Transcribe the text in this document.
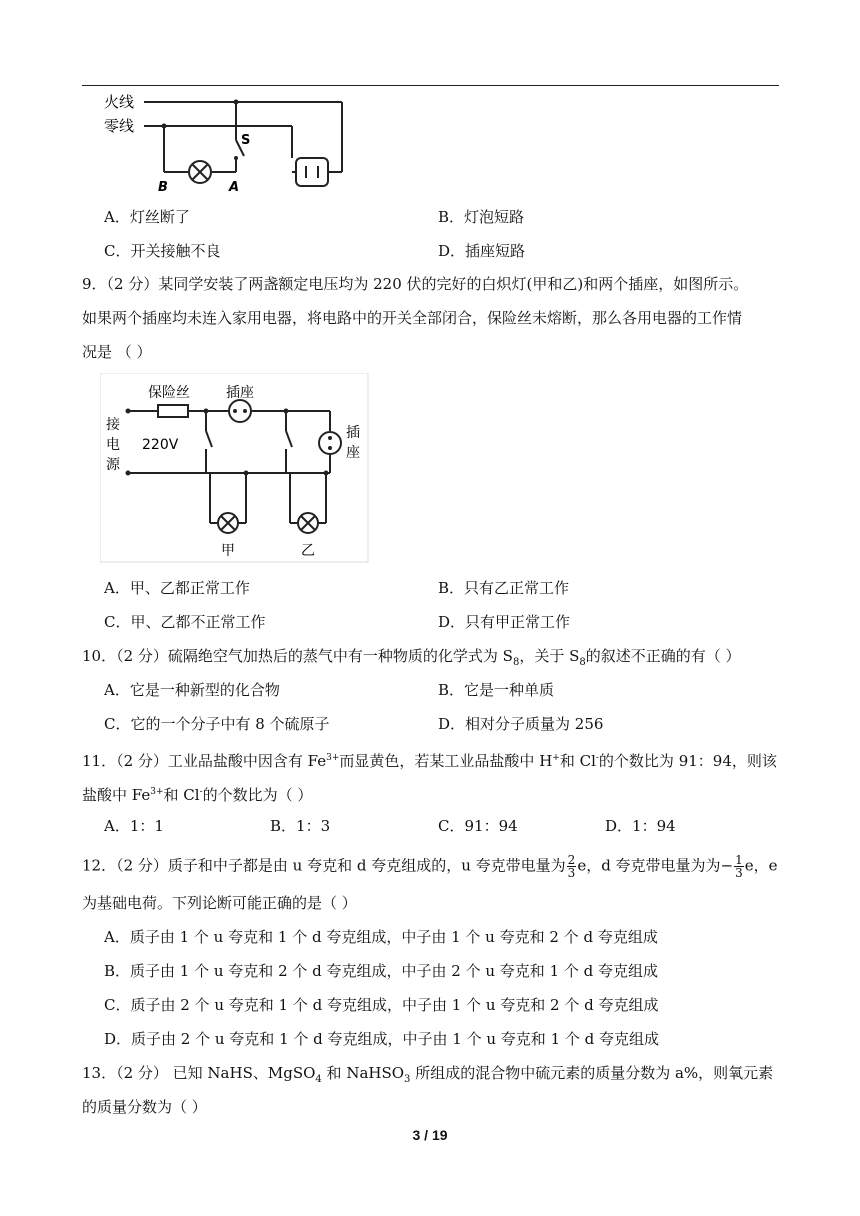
火线
零线
S
B	A
A．灯丝断了	B．灯泡短路
C．开关接触不良	D．插座短路
9．（2 分）某同学安装了两盏额定电压均为 220 伏的完好的白炽灯(甲和乙)和两个插座，如图所示。
如果两个插座均未连入家用电器，将电路中的开关全部闭合，保险丝未熔断，那么各用电器的工作情
况是 （ ）
保险丝	插座
插
座
接
电
源
220V
甲	乙
A．甲、乙都正常工作	B．只有乙正常工作
C．甲、乙都不正常工作	D．只有甲正常工作
10．（2 分）硫隔绝空气加热后的蒸气中有一种物质的化学式为 $S_8$，关于 $S_8$的叙述不正确的有（ ）
A．它是一种新型的化合物	B．它是一种单质
C．它的一个分子中有 8 个硫原子	D．相对分子质量为 256
11．（2 分）工业品盐酸中因含有 $Fe^{3+}$而显黄色，若某工业品盐酸中 H+和 Cl-的个数比为 91：94，则该
盐酸中 $Fe^{3+}$和 Cl-的个数比为（ ）
A．1：1	B．1：3	C．91：94	D．1：94
12．（2 分）质子和中子都是由 u 夸克和 d 夸克组成的，u 夸克带电量为 $\frac{2}{3}$ e，d 夸克带电量为为− $\frac{1}{3}$ e，e
为基础电荷。下列论断可能正确的是（ ）
A．质子由 1 个 u 夸克和 1 个 d 夸克组成，中子由 1 个 u 夸克和 2 个 d 夸克组成
B．质子由 1 个 u 夸克和 2 个 d 夸克组成，中子由 2 个 u 夸克和 1 个 d 夸克组成
C．质子由 2 个 u 夸克和 1 个 d 夸克组成，中子由 1 个 u 夸克和 2 个 d 夸克组成
D．质子由 2 个 u 夸克和 1 个 d 夸克组成，中子由 1 个 u 夸克和 1 个 d 夸克组成
13．（2 分） 已知 NaHS、MgSO$_4$ 和 NaHSO$_3$ 所组成的混合物中硫元素的质量分数为 a%，则氧元素
的质量分数为（ ）
3 / 19
